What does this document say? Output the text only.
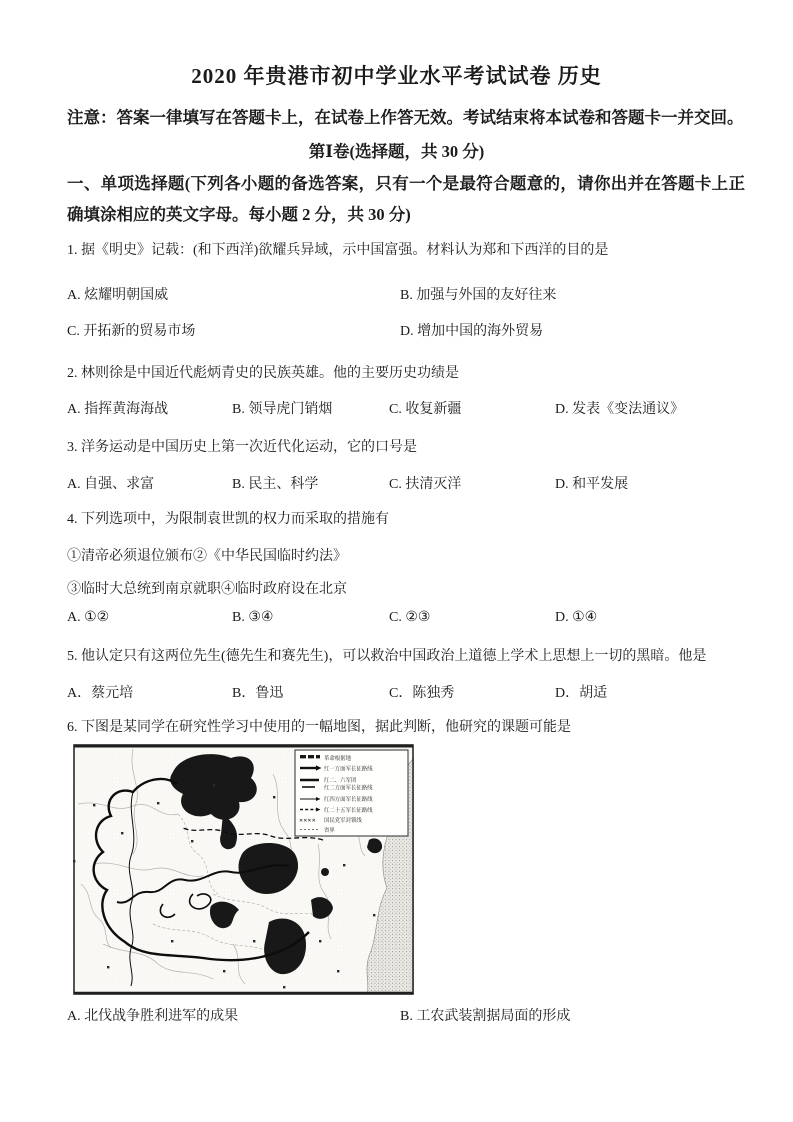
2020 年贵港市初中学业水平考试试卷 历史
注意：答案一律填写在答题卡上，在试卷上作答无效。考试结束将本试卷和答题卡一并交回。
第Ⅰ卷(选择题，共 30 分)
一、单项选择题(下列各小题的备选答案，只有一个是最符合题意的，请你出并在答题卡上正确填涂相应的英文字母。每小题 2 分，共 30 分)
1. 据《明史》记载：(和下西洋)欲耀兵异域，示中国富强。材料认为郑和下西洋的目的是
A. 炫耀明朝国威	B. 加强与外国的友好往来
C. 开拓新的贸易市场	D. 增加中国的海外贸易
2. 林则徐是中国近代彪炳青史的民族英雄。他的主要历史功绩是
A. 指挥黄海海战	B. 领导虎门销烟	C. 收复新疆	D. 发表《变法通议》
3. 洋务运动是中国历史上第一次近代化运动，它的口号是
A. 自强、求富	B. 民主、科学	C. 扶清灭洋	D. 和平发展
4. 下列选项中，为限制袁世凯的权力而采取的措施有
①清帝必须退位颁布②《中华民国临时约法》
③临时大总统到南京就职④临时政府设在北京
A. ①②	B. ③④	C. ②③	D. ①④
5. 他认定只有这两位先生(德先生和赛先生)，可以救治中国政治上道德上学术上思想上一切的黑暗。他是
A．蔡元培	B．鲁迅	C．陈独秀	D．胡适
6. 下图是某同学在研究性学习中使用的一幅地图，据此判断，他研究的课题可能是
革命根据地
红一方面军长征路线
红二、六军团
红二方面军长征路线
红四方面军长征路线
红二十五军长征路线
✕✕✕✕ 国民党军封锁线
省界
A. 北伐战争胜利进军的成果	B. 工农武装割据局面的形成
